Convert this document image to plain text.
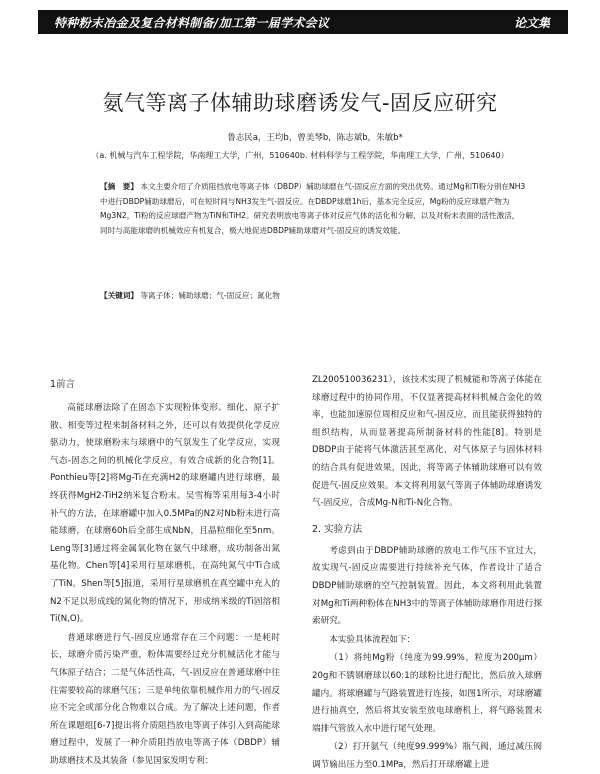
特种粉末冶金及复合材料制备/加工第一届学术会议	论文集
氨气等离子体辅助球磨诱发气-固反应研究
鲁志民a，王均b，曾美琴b，陈志斌b，朱敏b*
（a. 机械与汽车工程学院，华南理工大学，广州，510640b. 材料科学与工程学院，华南理工大学，广州，510640）
【摘　要】 本文主要介绍了介质阻挡放电等离子体（DBDP）辅助球磨在气-固反应方面的突出优势。通过Mg和Ti粉分别在NH3中进行DBDP辅助球磨后，可在短时间与NH3发生气-固反应。在DBDP球磨1h后，基本完全反应，Mg粉的反应球磨产物为Mg3N2，Ti粉的反应球磨产物为TiN和TiH2。研究表明放电等离子体对反应气体的活化和分解，以及对粉末表面的活性激活，同时与高能球磨的机械效应有机复合，极大地促进DBDP辅助球磨对气-固反应的诱发效能。
【关键词】 等离子体；辅助球磨；气-固反应；氮化物
1前言

高能球磨法除了在固态下实现粉体变形、细化、原子扩散、相变等过程来制备材料之外，还可以有效提供化学反应驱动力，使球磨粉末与球磨中的气氛发生了化学反应，实现气态-固态之间的机械化学反应，有效合成新的化合物[1]。Ponthieu等[2]将Mg-Ti在充满H2的球磨罐内进行球磨，最终获得MgH2-TiH2纳米复合粉末。吴雪梅等采用每3-4小时补气的方法，在球磨罐中加入0.5MPa的N2对Nb粉末进行高能球磨，在球磨60h后全部生成NbN，且晶粒细化至5nm。Leng等[3]通过将金属氧化物在氨气中球磨，成功制备出氮基化物。Chen等[4]采用行星球磨机，在高纯氮气中Ti合成了TiN。Shen等[5]报道，采用行星球磨机在真空罐中充入的N2不足以形成线的氮化物的情况下，形成纳米级的Ti固溶相Ti(N,O)。

普通球磨进行气-固反应通常存在三个问题：一是耗时长，球磨介质污染严重，粉体需要经过充分机械活化才能与气体原子结合；二是气体活性高，气-固反应在普通球磨中往往需要较高的球磨气压；三是单纯依靠机械作用力的气-固反应不完全或部分化合物难以合成。为了解决上述问题，作者所在课题组[6-7]提出将介质阻挡放电等离子体引入到高能球磨过程中，发展了一种介质阻挡放电等离子体（DBDP）辅助球磨技术及其装备（参见国家发明专利：

ZL200510036231），该技术实现了机械能和等离子体能在球磨过程中的协同作用，不仅显著提高材料机械合金化的效率，也能加速原位周相反应和气-固反应，而且能获得独特的组织结构，从而显著提高所制备材料的性能[8]。特别是DBDP由于能将气体激活甚至离化，对气体原子与固体材料的结合具有促进效果，因此，将等离子体辅助球磨可以有效促进气-固反应效果。本文将利用氨气等离子体辅助球磨诱发气-固反应，合成Mg-N和Ti-N化合物。

2. 实验方法

考虑到由于DBDP辅助球磨的放电工作气压不宜过大，故实现气-固反应需要进行持续补充气体，作者设计了适合DBDP辅助球磨的空气控制装置。因此，本文将利用此装置对Mg和Ti两种粉体在NH3中的等离子体辅助球磨作用进行探索研究。

本实验具体流程如下：

（1）将纯Mg粉（纯度为99.99%，粒度为200μm）20g和不锈钢磨球以60:1的球粉比进行配比，然后放入球磨罐内。将球磨罐与气路装置进行连接，如图1所示，对球磨罐进行抽真空，然后将其安装至放电球磨机上，将气路装置末端排气管放入水中进行尾气处理。

（2）打开氨气（纯度99.999%）瓶气阀，通过减压阀调节输出压力至0.1MPa，然后打开球磨罐上进
